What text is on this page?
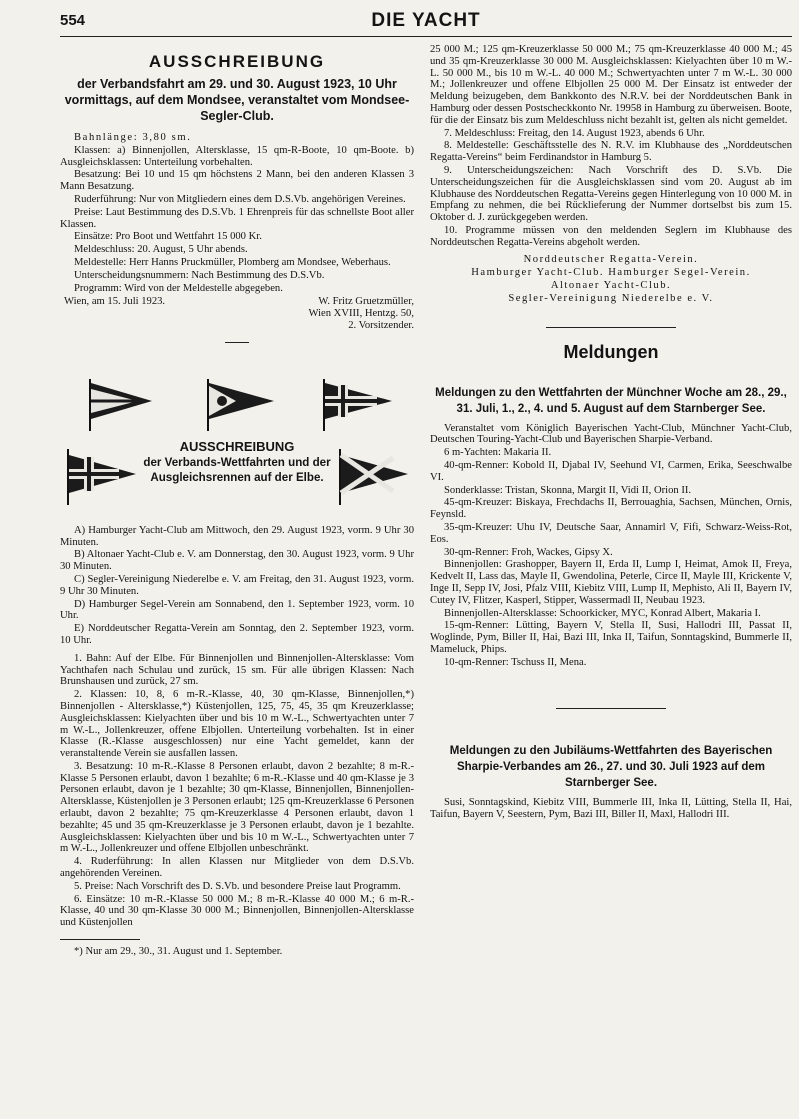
554	DIE YACHT
AUSSCHREIBUNG
der Verbandsfahrt am 29. und 30. August 1923, 10 Uhr vormittags, auf dem Mondsee, veranstaltet vom Mondsee-Segler-Club.

Bahnlänge: 3,80 sm.

Klassen: a) Binnenjollen, Altersklasse, 15 qm-R-Boote, 10 qm-Boote. b) Ausgleichsklassen: Unterteilung vorbehalten.

Besatzung: Bei 10 und 15 qm höchstens 2 Mann, bei den anderen Klassen 3 Mann Besatzung.

Ruderführung: Nur von Mitgliedern eines dem D.S.Vb. angehörigen Vereines.

Preise: Laut Bestimmung des D.S.Vb. 1 Ehrenpreis für das schnellste Boot aller Klassen.

Einsätze: Pro Boot und Wettfahrt 15 000 Kr.

Meldeschluss: 20. August, 5 Uhr abends.

Meldestelle: Herr Hanns Pruckmüller, Plomberg am Mondsee, Weberhaus.

Unterscheidungsnummern: Nach Bestimmung des D.S.Vb.

Programm: Wird von der Meldestelle abgegeben.

Wien, am 15. Juli 1923.	W. Fritz Gruetzmüller,
Wien XVIII, Hentzg. 50,
2. Vorsitzender.
AUSSCHREIBUNG
der Verbands-Wettfahrten und der Ausgleichsrennen auf der Elbe.

A) Hamburger Yacht-Club am Mittwoch, den 29. August 1923, vorm. 9 Uhr 30 Minuten.

B) Altonaer Yacht-Club e. V. am Donnerstag, den 30. August 1923, vorm. 9 Uhr 30 Minuten.

C) Segler-Vereinigung Niederelbe e. V. am Freitag, den 31. August 1923, vorm. 9 Uhr 30 Minuten.

D) Hamburger Segel-Verein am Sonnabend, den 1. September 1923, vorm. 10 Uhr.

E) Norddeutscher Regatta-Verein am Sonntag, den 2. September 1923, vorm. 10 Uhr.

1. Bahn: Auf der Elbe. Für Binnenjollen und Binnenjollen-Altersklasse: Vom Yachthafen nach Schulau und zurück, 15 sm. Für alle übrigen Klassen: Nach Brunshausen und zurück, 27 sm.

2. Klassen: 10, 8, 6 m-R.-Klasse, 40, 30 qm-Klasse, Binnenjollen,*) Binnenjollen - Altersklasse,*) Küstenjollen, 125, 75, 45, 35 qm Kreuzerklasse; Ausgleichsklassen: Kielyachten über und bis 10 m W.-L., Schwertyachten unter 7 m W.-L., Jollenkreuzer, offene Elbjollen. Unterteilung vorbehalten. Ist in einer Klasse (R.-Klasse ausgeschlossen) nur eine Yacht gemeldet, kann der veranstaltende Verein sie ausfallen lassen.

3. Besatzung: 10 m-R.-Klasse 8 Personen erlaubt, davon 2 bezahlte; 8 m-R.-Klasse 5 Personen erlaubt, davon 1 bezahlte; 6 m-R.-Klasse und 40 qm-Klasse je 3 Personen erlaubt, davon je 1 bezahlte; 30 qm-Klasse, Binnenjollen, Binnenjollen-Altersklasse, Küstenjollen je 3 Personen erlaubt; 125 qm-Kreuzerklasse 6 Personen erlaubt, davon 2 bezahlte; 75 qm-Kreuzerklasse 4 Personen erlaubt, davon 1 bezahlte; 45 und 35 qm-Kreuzerklasse je 3 Personen erlaubt, davon je 1 bezahlte. Ausgleichsklassen: Kielyachten über und bis 10 m W.-L., Schwertyachten unter 7 m W.-L., Jollenkreuzer und offene Elbjollen unbeschränkt.

4. Ruderführung: In allen Klassen nur Mitglieder von dem D.S.Vb. angehörenden Vereinen.

5. Preise: Nach Vorschrift des D. S.Vb. und besondere Preise laut Programm.

6. Einsätze: 10 m-R.-Klasse 50 000 M.; 8 m-R.-Klasse 40 000 M.; 6 m-R.-Klasse, 40 und 30 qm-Klasse 30 000 M.; Binnenjollen, Binnenjollen-Altersklasse und Küstenjollen

*) Nur am 29., 30., 31. August und 1. September.

25 000 M.; 125 qm-Kreuzerklasse 50 000 M.; 75 qm-Kreuzerklasse 40 000 M.; 45 und 35 qm-Kreuzerklasse 30 000 M. Ausgleichsklassen: Kielyachten über 10 m W.-L. 50 000 M., bis 10 m W.-L. 40 000 M.; Schwertyachten unter 7 m W.-L. 30 000 M.; Jollenkreuzer und offene Elbjollen 25 000 M. Der Einsatz ist entweder der Meldung beizugeben, dem Bankkonto des N.R.V. bei der Norddeutschen Bank in Hamburg oder dessen Postscheckkonto Nr. 19958 in Hamburg zu überweisen. Boote, für die der Einsatz bis zum Meldeschluss nicht bezahlt ist, gelten als nicht gemeldet.

7. Meldeschluss: Freitag, den 14. August 1923, abends 6 Uhr.

8. Meldestelle: Geschäftsstelle des N. R.V. im Klubhause des „Norddeutschen Regatta-Vereins“ beim Ferdinandstor in Hamburg 5.

9. Unterscheidungszeichen: Nach Vorschrift des D. S.Vb. Die Unterscheidungszeichen für die Ausgleichsklassen sind vom 20. August ab im Klubhause des Norddeutschen Regatta-Vereins gegen Hinterlegung von 10 000 M. in Empfang zu nehmen, die bei Rücklieferung der Nummer dortselbst bis zum 15. Oktober d. J. zurückgegeben werden.

10. Programme müssen von den meldenden Seglern im Klubhause des Norddeutschen Regatta-Vereins abgeholt werden.

Norddeutscher Regatta-Verein.

Hamburger Yacht-Club. Hamburger Segel-Verein.

Altonaer Yacht-Club.

Segler-Vereinigung Niederelbe e. V.

Meldungen
Meldungen zu den Wettfahrten der Münchner Woche am 28., 29., 31. Juli, 1., 2., 4. und 5. August auf dem Starnberger See.

Veranstaltet vom Königlich Bayerischen Yacht-Club, Münchner Yacht-Club, Deutschen Touring-Yacht-Club und Bayerischen Sharpie-Verband.

6 m-Yachten: Makaria II.

40-qm-Renner: Kobold II, Djabal IV, Seehund VI, Carmen, Erika, Seeschwalbe VI.

Sonderklasse: Tristan, Skonna, Margit II, Vidi II, Orion II.

45-qm-Kreuzer: Biskaya, Frechdachs II, Berrouaghia, Sachsen, München, Ornis, Feynsld.

35-qm-Kreuzer: Uhu IV, Deutsche Saar, Annamirl V, Fifi, Schwarz-Weiss-Rot, Eos.

30-qm-Renner: Froh, Wackes, Gipsy X.

Binnenjollen: Grashopper, Bayern II, Erda II, Lump I, Heimat, Amok II, Freya, Kedvelt II, Lass das, Mayle II, Gwendolina, Peterle, Circe II, Mayle III, Krickente V, Inge II, Sepp IV, Josi, Pfalz VIII, Kiebitz VIII, Lump II, Mephisto, Ali II, Bayern IV, Cutey IV, Flitzer, Kasperl, Stipper, Wassermadl II, Neubau 1923.

Binnenjollen-Altersklasse: Schoorkicker, MYC, Konrad Albert, Makaria I.

15-qm-Renner: Lütting, Bayern V, Stella II, Susi, Hallodri III, Passat II, Woglinde, Pym, Biller II, Hai, Bazi III, Inka II, Taifun, Sonntagskind, Bummerle II, Mameluck, Phips.

10-qm-Renner: Tschuss II, Mena.

Meldungen zu den Jubiläums-Wettfahrten des Bayerischen Sharpie-Verbandes am 26., 27. und 30. Juli 1923 auf dem Starnberger See.

Susi, Sonntagskind, Kiebitz VIII, Bummerle III, Inka II, Lütting, Stella II, Hai, Taifun, Bayern V, Seestern, Pym, Bazi III, Biller II, Maxl, Hallodri III.
